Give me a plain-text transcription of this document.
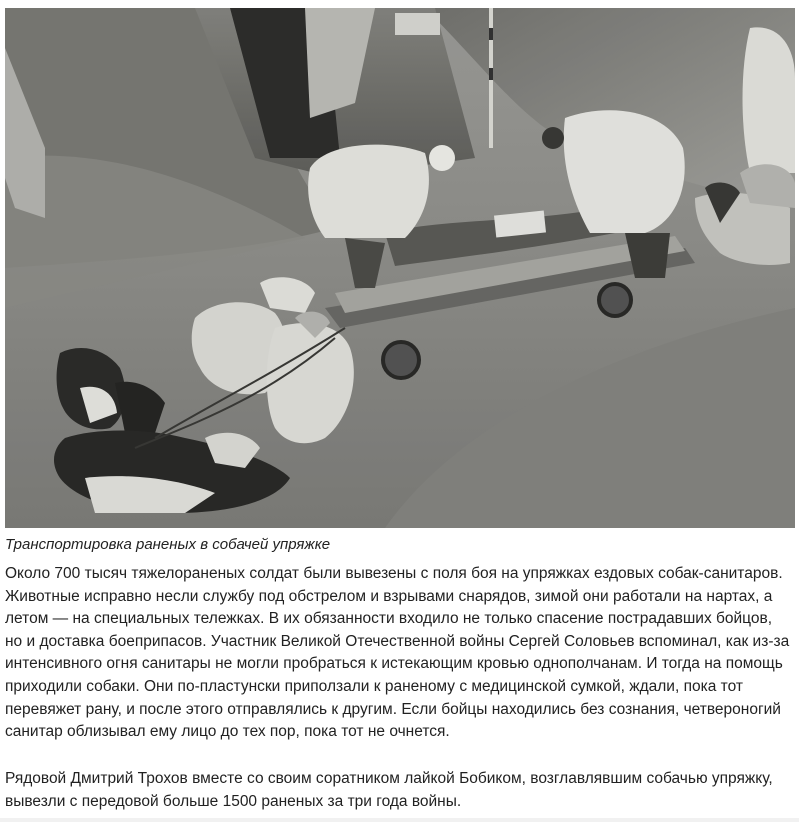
Транспортировка раненых в собачей упряжке

Около 700 тысяч тяжелораненых солдат были вывезены с поля боя на упряжках ездовых собак-санитаров. Животные исправно несли службу под обстрелом и взрывами снарядов, зимой они работали на нартах, а летом — на специальных тележках. В их обязанности входило не только спасение пострадавших бойцов, но и доставка боеприпасов. Участник Великой Отечественной войны Сергей Соловьев вспоминал, как из-за интенсивного огня санитары не могли пробраться к истекающим кровью однополчанам. И тогда на помощь приходили собаки. Они по-пластунски приползали к раненому с медицинской сумкой, ждали, пока тот перевяжет рану, и после этого отправлялись к другим. Если бойцы находились без сознания, четвероногий санитар облизывал ему лицо до тех пор, пока тот не очнется.

Рядовой Дмитрий Трохов вместе со своим соратником лайкой Бобиком, возглавлявшим собачью упряжку, вывезли с передовой больше 1500 раненых за три года войны.
